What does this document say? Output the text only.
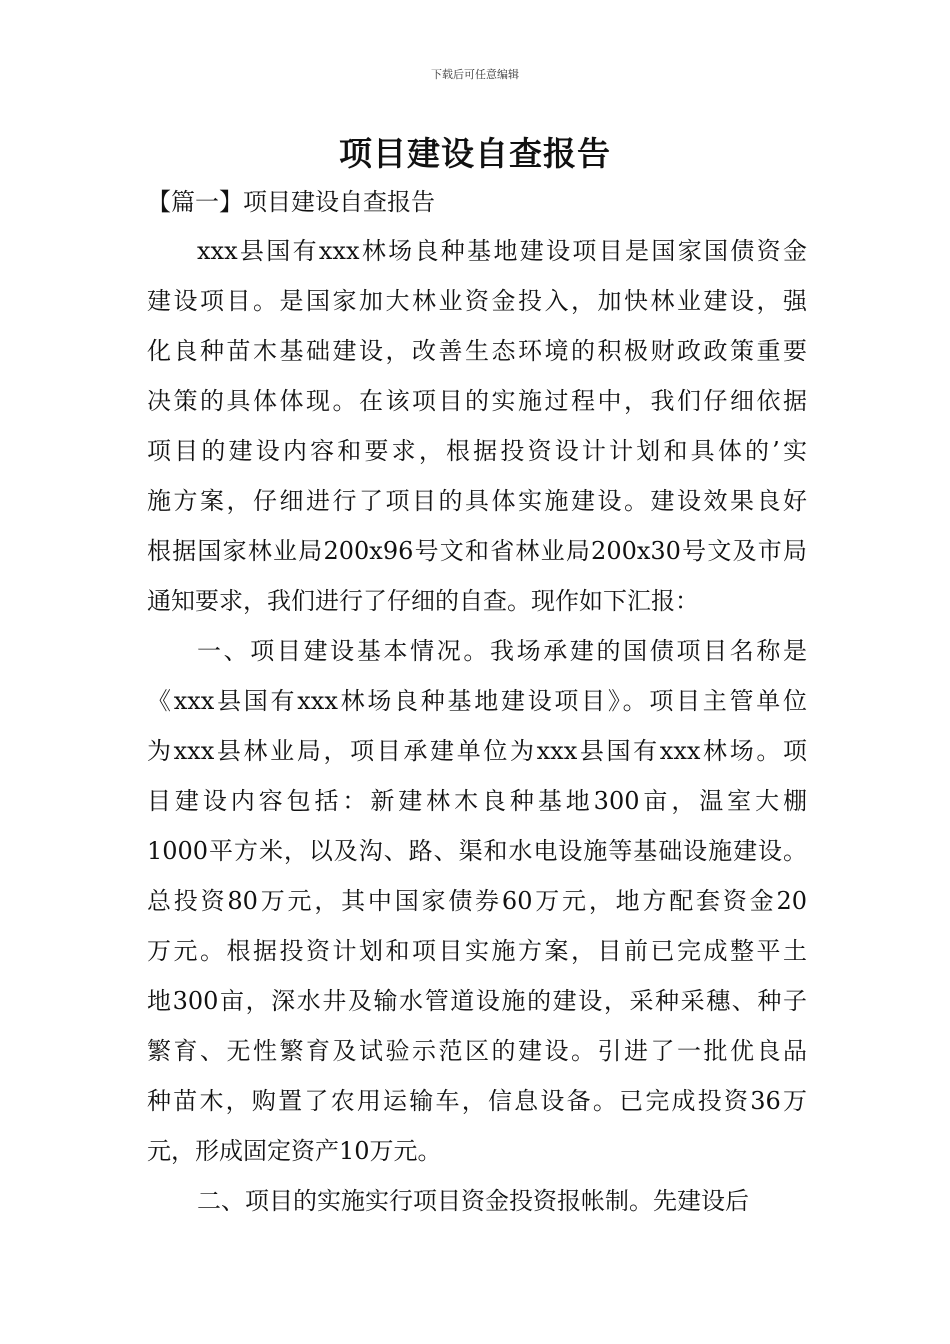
下载后可任意编辑
项目建设自查报告
【篇一】项目建设自查报告
xxx县国有xxx林场良种基地建设项目是国家国债资金
建设项目。是国家加大林业资金投入，加快林业建设，强
化良种苗木基础建设，改善生态环境的积极财政政策重要
决策的具体体现。在该项目的实施过程中，我们仔细依据
项目的建设内容和要求，根据投资设计计划和具体的’实
施方案，仔细进行了项目的具体实施建设。建设效果良好
根据国家林业局200x96号文和省林业局200x30号文及市局
通知要求，我们进行了仔细的自查。现作如下汇报：
一、项目建设基本情况。我场承建的国债项目名称是
《xxx县国有xxx林场良种基地建设项目》。项目主管单位
为xxx县林业局，项目承建单位为xxx县国有xxx林场。项
目建设内容包括：新建林木良种基地300亩，温室大棚
1000平方米，以及沟、路、渠和水电设施等基础设施建设。
总投资80万元，其中国家债券60万元，地方配套资金20
万元。根据投资计划和项目实施方案，目前已完成整平土
地300亩，深水井及输水管道设施的建设，采种采穗、种子
繁育、无性繁育及试验示范区的建设。引进了一批优良品
种苗木，购置了农用运输车，信息设备。已完成投资36万
元，形成固定资产10万元。
二、项目的实施实行项目资金投资报帐制。先建设后
